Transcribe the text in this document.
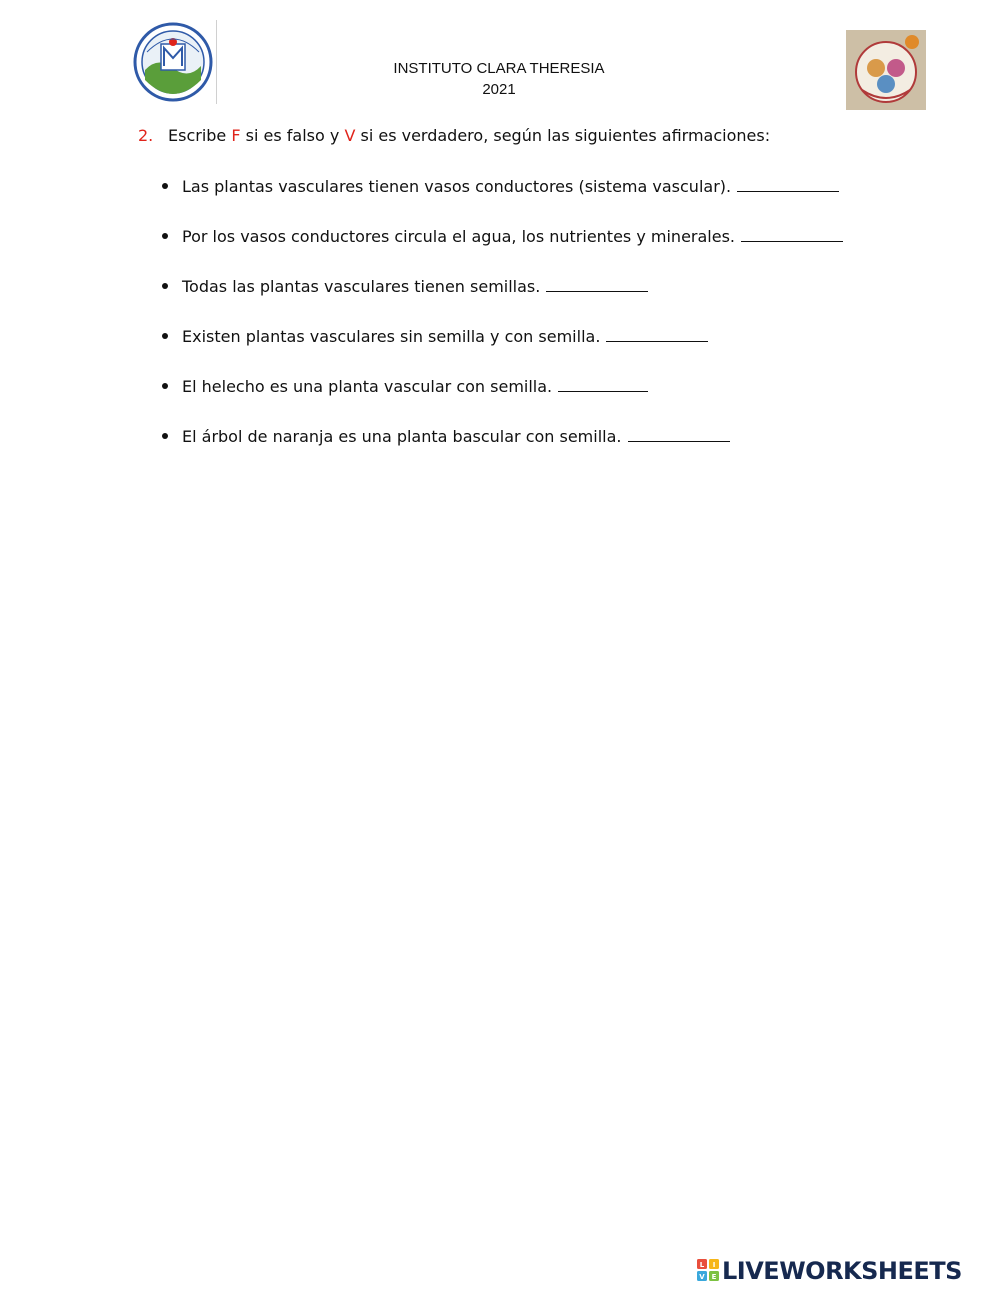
INSTITUTO CLARA THERESIA
2021
2. Escribe F si es falso y V si es verdadero, según las siguientes afirmaciones:
Las plantas vasculares tienen vasos conductores (sistema vascular).
Por los vasos conductores circula el agua, los nutrientes y minerales.
Todas las plantas vasculares tienen semillas.
Existen plantas vasculares sin semilla y con semilla.
El helecho es una planta vascular con semilla.
El árbol de naranja es una planta bascular con semilla.
L I
V E LIVEWORKSHEETS
